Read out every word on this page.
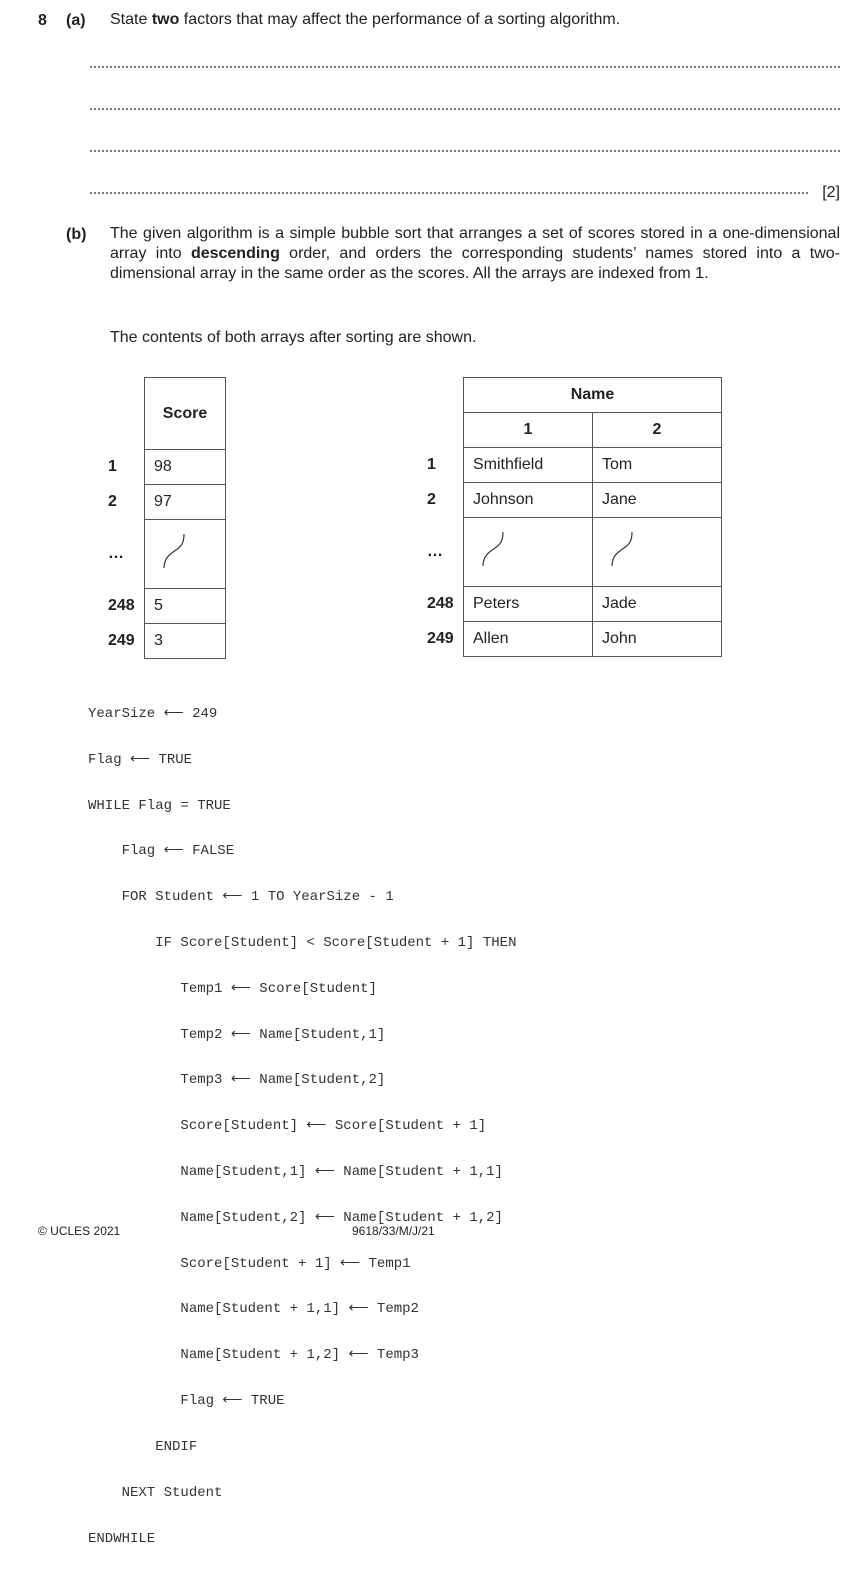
8 (a) State two factors that may affect the performance of a sorting algorithm.
[2]
(b) The given algorithm is a simple bubble sort that arranges a set of scores stored in a one-dimensional array into descending order, and orders the corresponding students’ names stored into a two-dimensional array in the same order as the scores. All the arrays are indexed from 1.
The contents of both arrays after sorting are shown.
	Score
1	98
2	97
…	
248	5
249	3
	Name	
	1	2
1	Smithfield	Tom
2	Johnson	Jane
…		
248	Peters	Jade
249	Allen	John

YearSize ⟵ 249

Flag ⟵ TRUE

WHILE Flag = TRUE

Flag ⟵ FALSE

FOR Student ⟵ 1 TO YearSize - 1

IF Score[Student] < Score[Student + 1] THEN

Temp1 ⟵ Score[Student]

Temp2 ⟵ Name[Student,1]

Temp3 ⟵ Name[Student,2]

Score[Student] ⟵ Score[Student + 1]

Name[Student,1] ⟵ Name[Student + 1,1]

Name[Student,2] ⟵ Name[Student + 1,2]

Score[Student + 1] ⟵ Temp1

Name[Student + 1,1] ⟵ Temp2

Name[Student + 1,2] ⟵ Temp3

Flag ⟵ TRUE

ENDIF

NEXT Student

ENDWHILE

© UCLES 2021	9618/33/M/J/21
